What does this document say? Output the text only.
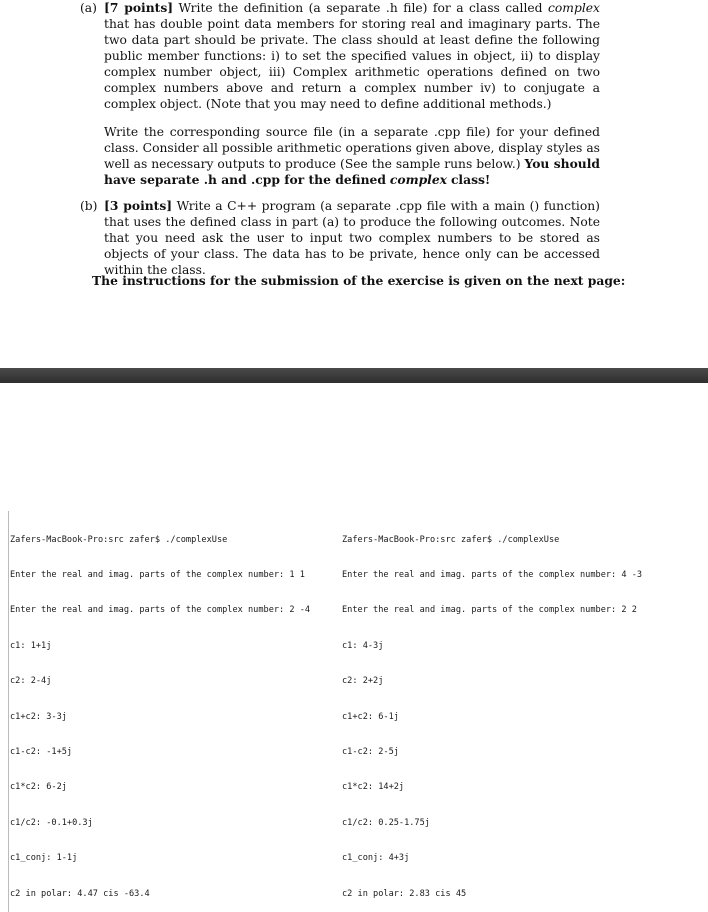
(a) [7 points] Write the definition (a separate .h file) for a class called complex that has double point data members for storing real and imaginary parts. The two data part should be private. The class should at least define the following public member functions: i) to set the specified values in object, ii) to display complex number object, iii) Complex arithmetic operations defined on two complex numbers above and return a complex number iv) to conjugate a complex object. (Note that you may need to define additional methods.)
Write the corresponding source file (in a separate .cpp file) for your defined class. Consider all possible arithmetic operations given above, display styles as well as necessary outputs to produce (See the sample runs below.) You should have separate .h and .cpp for the defined complex class!
(b) [3 points] Write a C++ program (a separate .cpp file with a main () function) that uses the defined class in part (a) to produce the following outcomes. Note that you need ask the user to input two complex numbers to be stored as objects of your class. The data has to be private, hence only can be accessed within the class.
The instructions for the submission of the exercise is given on the next page:

Zafers-MacBook-Pro:src zafer$ ./complexUse

Enter the real and imag. parts of the complex number: 1 1

Enter the real and imag. parts of the complex number: 2 -4

c1: 1+1j

c2: 2-4j

c1+c2: 3-3j

c1-c2: -1+5j

c1*c2: 6-2j

c1/c2: -0.1+0.3j

c1_conj: 1-1j

c2 in polar: 4.47 cis -63.4

Zafers-MacBook-Pro:src zafer$ ./complexUse

Enter the real and imag. parts of the complex number: 4 -3

Enter the real and imag. parts of the complex number: 2 2

c1: 4-3j

c2: 2+2j

c1+c2: 6-1j

c1-c2: 2-5j

c1*c2: 14+2j

c1/c2: 0.25-1.75j

c1_conj: 4+3j

c2 in polar: 2.83 cis 45
